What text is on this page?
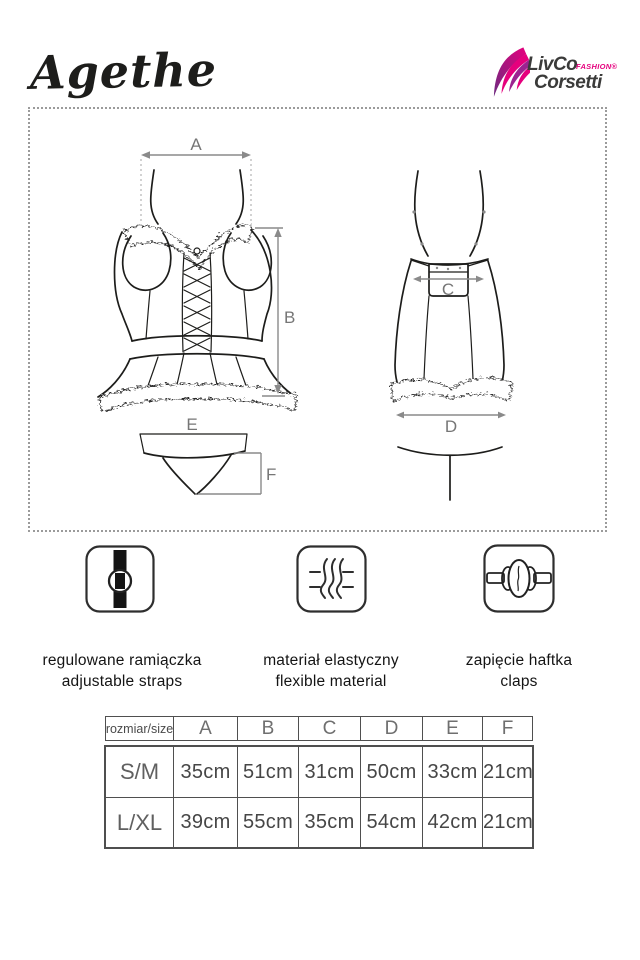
Agethe	LivCo
FASHION®
Corsetti
A
B
C
D
E
F
regulowane ramiączka
adjustable straps
materiał elastyczny
flexible material
zapięcie haftka
claps
rozmiar/size	A	B	C	D	E	F
S/M	35cm 51cm 31cm 50cm 33cm 21cm
L/XL 39cm 55cm 35cm 54cm 42cm 21cm
